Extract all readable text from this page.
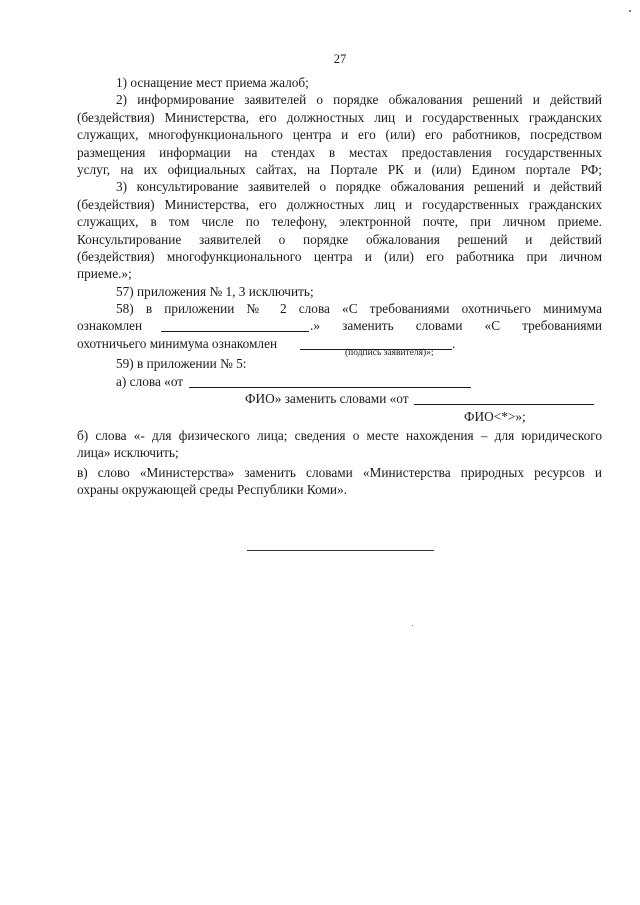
27
1) оснащение мест приема жалоб;
2) информирование заявителей о порядке обжалования решений и действий
(бездействия) Министерства, его должностных лиц и государственных гражданских
служащих, многофункционального центра и его (или) его работников, посредством
размещения информации на стендах в местах предоставления государственных
услуг, на их официальных сайтах, на Портале РК и (или) Едином портале РФ;
3) консультирование заявителей о порядке обжалования решений и действий
(бездействия) Министерства, его должностных лиц и государственных гражданских
служащих, в том числе по телефону, электронной почте, при личном приеме.
Консультирование заявителей о порядке обжалования решений и действий
(бездействия) многофункционального центра и (или) его работника при личном
приеме.»;
57) приложения № 1, 3 исключить;
58) в приложении № 2 слова «С требованиями охотничьего минимума
ознакомлен	.» заменить словами «С требованиями
охотничьего минимума ознакомлен	.
(подпись заявителя)»;
59) в приложении № 5:
а) слова «от
ФИО» заменить словами «от
ФИО<*>»;
б) слова «- для физического лица; сведения о месте нахождения – для юридического
лица» исключить;
в) слово «Министерства» заменить словами «Министерства природных ресурсов и
охраны окружающей среды Республики Коми».
